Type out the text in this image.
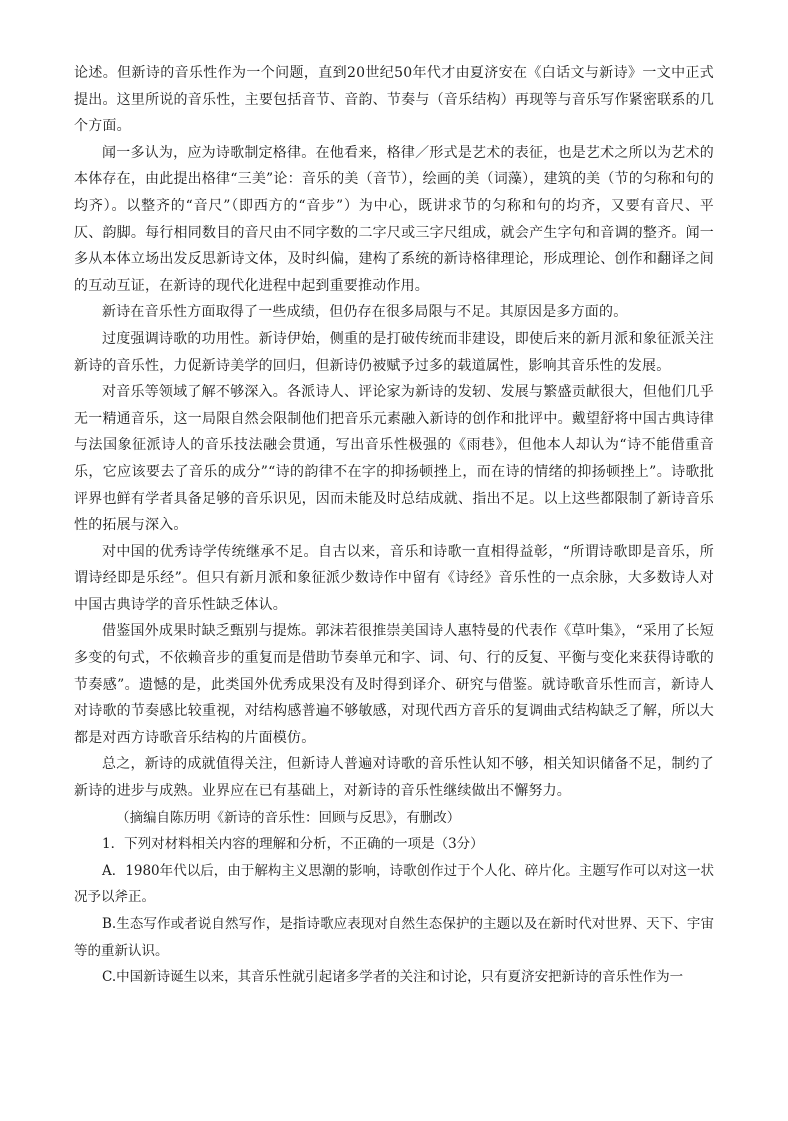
论述。但新诗的音乐性作为一个问题，直到20世纪50年代才由夏济安在《白话文与新诗》一文中正式提出。这里所说的音乐性，主要包括音节、音韵、节奏与（音乐结构）再现等与音乐写作紧密联系的几个方面。

闻一多认为，应为诗歌制定格律。在他看来，格律／形式是艺术的表征，也是艺术之所以为艺术的本体存在，由此提出格律“三美”论：音乐的美（音节），绘画的美（词藻），建筑的美（节的匀称和句的均齐）。以整齐的“音尺”（即西方的“音步”）为中心，既讲求节的匀称和句的均齐，又要有音尺、平仄、韵脚。每行相同数目的音尺由不同字数的二字尺或三字尺组成，就会产生字句和音调的整齐。闻一多从本体立场出发反思新诗文体，及时纠偏，建构了系统的新诗格律理论，形成理论、创作和翻译之间的互动互证，在新诗的现代化进程中起到重要推动作用。

新诗在音乐性方面取得了一些成绩，但仍存在很多局限与不足。其原因是多方面的。

过度强调诗歌的功用性。新诗伊始，侧重的是打破传统而非建设，即使后来的新月派和象征派关注新诗的音乐性，力促新诗美学的回归，但新诗仍被赋予过多的载道属性，影响其音乐性的发展。

对音乐等领域了解不够深入。各派诗人、评论家为新诗的发轫、发展与繁盛贡献很大，但他们几乎无一精通音乐，这一局限自然会限制他们把音乐元素融入新诗的创作和批评中。戴望舒将中国古典诗律与法国象征派诗人的音乐技法融会贯通，写出音乐性极强的《雨巷》，但他本人却认为“诗不能借重音乐，它应该要去了音乐的成分”“诗的韵律不在字的抑扬顿挫上，而在诗的情绪的抑扬顿挫上”。诗歌批评界也鲜有学者具备足够的音乐识见，因而未能及时总结成就、指出不足。以上这些都限制了新诗音乐性的拓展与深入。

对中国的优秀诗学传统继承不足。自古以来，音乐和诗歌一直相得益彰，“所谓诗歌即是音乐，所谓诗经即是乐经”。但只有新月派和象征派少数诗作中留有《诗经》音乐性的一点余脉，大多数诗人对中国古典诗学的音乐性缺乏体认。

借鉴国外成果时缺乏甄别与提炼。郭沫若很推崇美国诗人惠特曼的代表作《草叶集》，“采用了长短多变的句式，不依赖音步的重复而是借助节奏单元和字、词、句、行的反复、平衡与变化来获得诗歌的节奏感”。遗憾的是，此类国外优秀成果没有及时得到译介、研究与借鉴。就诗歌音乐性而言，新诗人对诗歌的节奏感比较重视，对结构感普遍不够敏感，对现代西方音乐的复调曲式结构缺乏了解，所以大都是对西方诗歌音乐结构的片面模仿。

总之，新诗的成就值得关注，但新诗人普遍对诗歌的音乐性认知不够，相关知识储备不足，制约了新诗的进步与成熟。业界应在已有基础上，对新诗的音乐性继续做出不懈努力。

（摘编自陈历明《新诗的音乐性：回顾与反思》，有删改）

1．下列对材料相关内容的理解和分析，不正确的一项是（3分）

A．1980年代以后，由于解构主义思潮的影响，诗歌创作过于个人化、碎片化。主题写作可以对这一状况予以斧正。

B.生态写作或者说自然写作，是指诗歌应表现对自然生态保护的主题以及在新时代对世界、天下、宇宙等的重新认识。

C.中国新诗诞生以来，其音乐性就引起诸多学者的关注和讨论，只有夏济安把新诗的音乐性作为一
